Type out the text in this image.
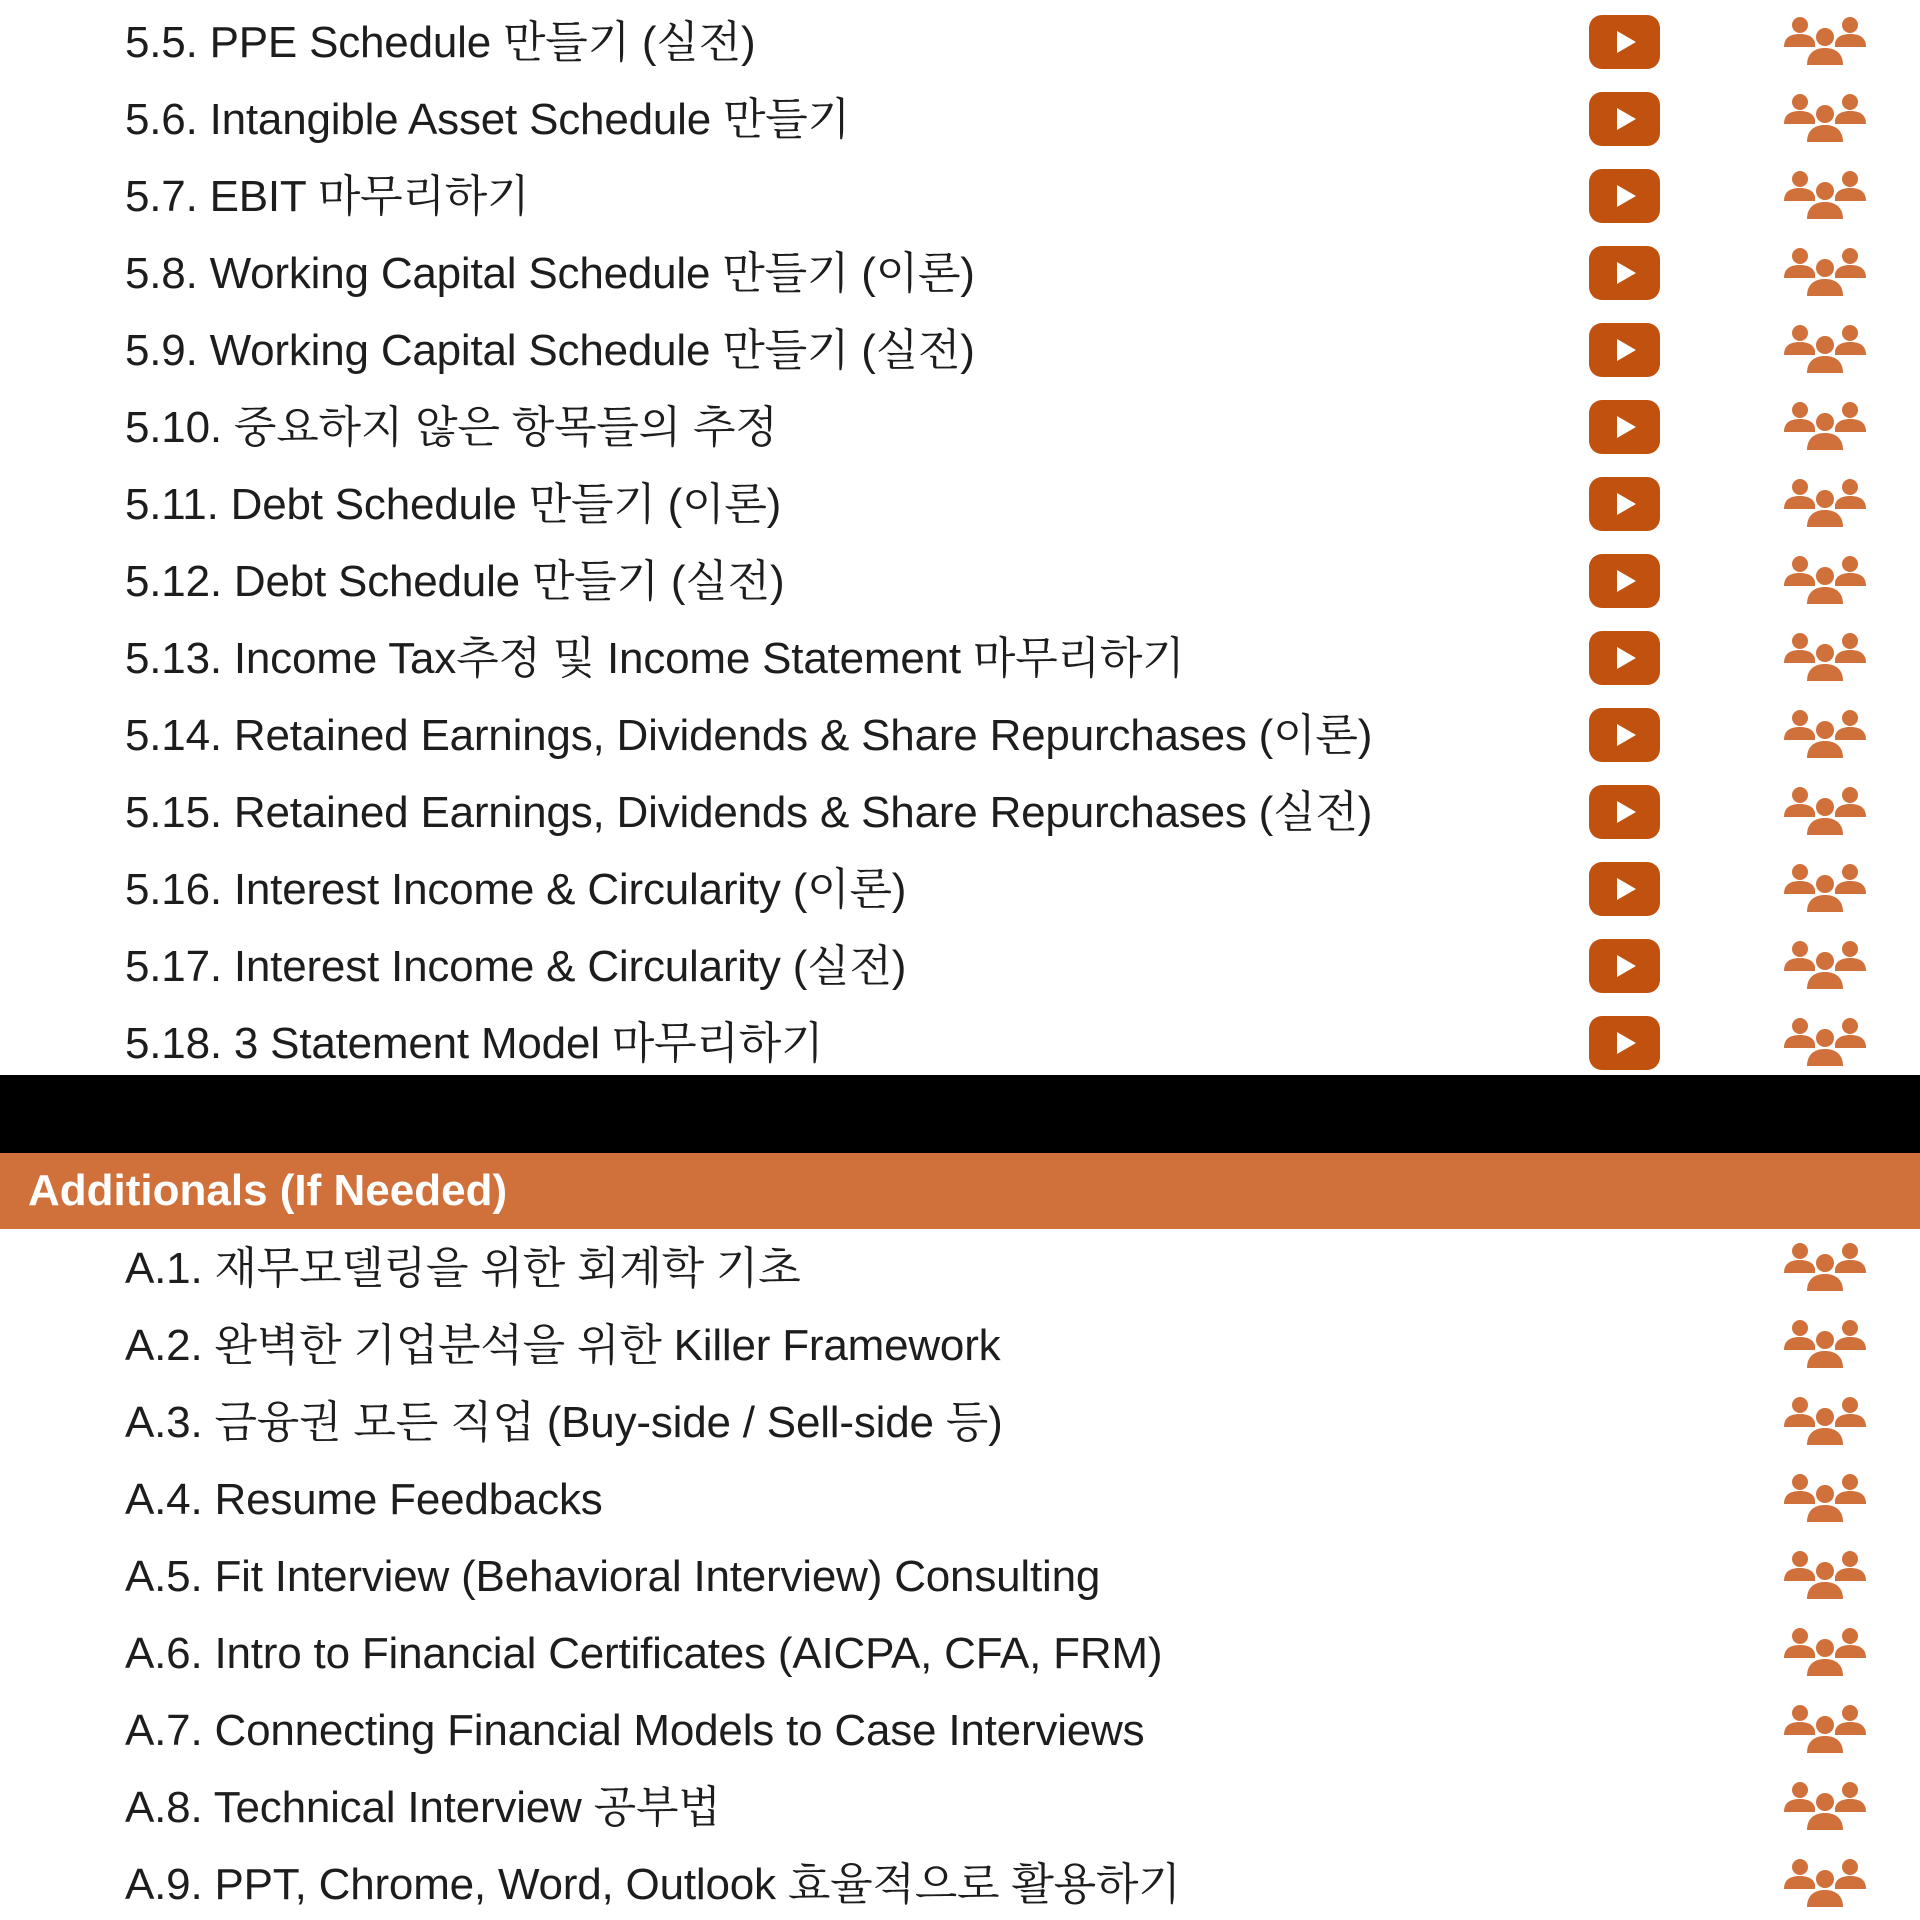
5.5. PPE Schedule 만들기 (실전)
5.6. Intangible Asset Schedule 만들기
5.7. EBIT 마무리하기
5.8. Working Capital Schedule 만들기 (이론)
5.9. Working Capital Schedule 만들기 (실전)
5.10. 중요하지 않은 항목들의 추정
5.11. Debt Schedule 만들기 (이론)
5.12. Debt Schedule 만들기 (실전)
5.13. Income Tax추정 및 Income Statement 마무리하기
5.14. Retained Earnings, Dividends & Share Repurchases (이론)
5.15. Retained Earnings, Dividends & Share Repurchases (실전)
5.16. Interest Income & Circularity (이론)
5.17. Interest Income & Circularity (실전)
5.18. 3 Statement Model 마무리하기
Additionals (If Needed)
A.1. 재무모델링을 위한 회계학 기초
A.2. 완벽한 기업분석을 위한 Killer Framework
A.3. 금융권 모든 직업 (Buy-side / Sell-side 등)
A.4. Resume Feedbacks
A.5. Fit Interview (Behavioral Interview) Consulting
A.6. Intro to Financial Certificates (AICPA, CFA, FRM)
A.7. Connecting Financial Models to Case Interviews
A.8. Technical Interview 공부법
A.9. PPT, Chrome, Word, Outlook 효율적으로 활용하기
